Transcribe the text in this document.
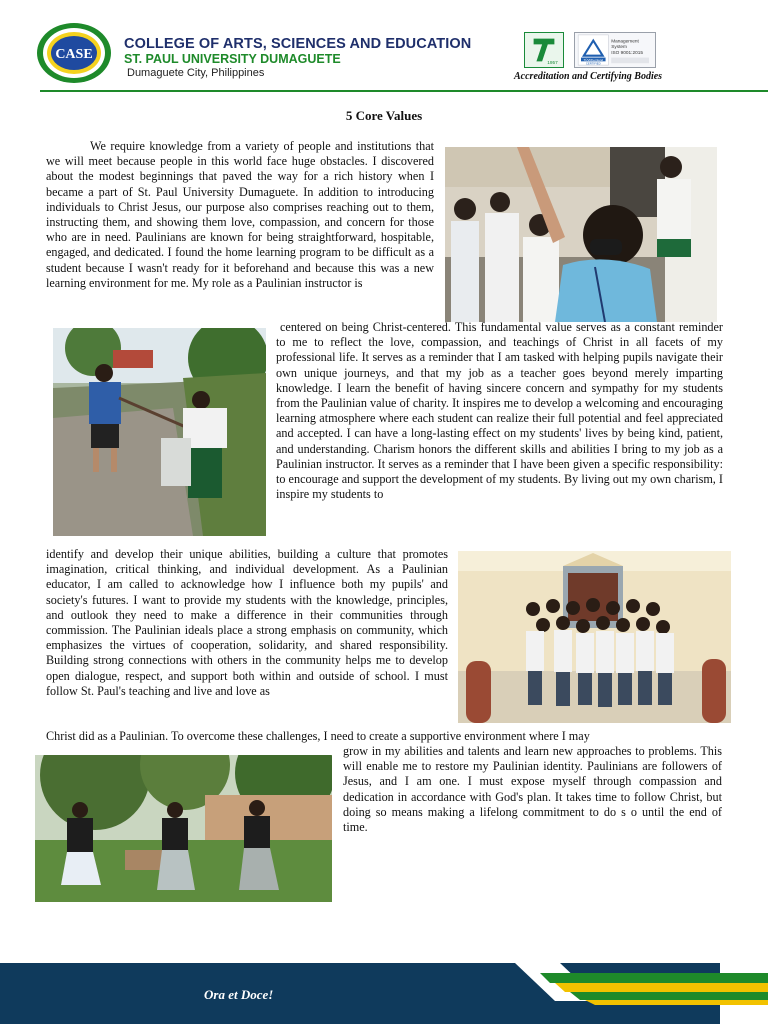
CASE

COLLEGE OF ARTS, SCIENCES AND EDUCATION

ST. PAUL UNIVERSITY DUMAGUETE

Dumaguete City, Philippines

1957
TÜVRheinland
CERTIFIED
Management
System
ISO 9001:2015

Accreditation and Certifying Bodies

5 Core Values

We require knowledge from a variety of people and institutions that we will meet because people in this world face huge obstacles. I discovered about the modest beginnings that paved the way for a rich history when I became a part of St. Paul University Dumaguete. In addition to introducing individuals to Christ Jesus, our purpose also comprises reaching out to them, instructing them, and showing them love, compassion, and concern for those who are in need. Paulinians are known for being straightforward, hospitable, engaged, and dedicated. I found the home learning program to be difficult as a student because I wasn't ready for it beforehand and because this was a new learning environment for me. My role as a Paulinian instructor is

centered on being Christ-centered. This fundamental value serves as a constant reminder to me to reflect the love, compassion, and teachings of Christ in all facets of my professional life. It serves as a reminder that I am tasked with helping pupils navigate their own unique journeys, and that my job as a teacher goes beyond merely imparting knowledge. I learn the benefit of having sincere concern and sympathy for my students from the Paulinian value of charity. It inspires me to develop a welcoming and encouraging learning atmosphere where each student can realize their full potential and feel appreciated and accepted. I can have a long-lasting effect on my students' lives by being kind, patient, and understanding. Charism honors the different skills and abilities I bring to my job as a Paulinian instructor. It serves as a reminder that I have been given a specific responsibility: to encourage and support the development of my students. By living out my own charism, I inspire my students to

identify and develop their unique abilities, building a culture that promotes imagination, critical thinking, and individual development. As a Paulinian educator, I am called to acknowledge how I influence both my pupils' and society's futures. I want to provide my students with the knowledge, principles, and outlook they need to make a difference in their communities through commission. The Paulinian ideals place a strong emphasis on community, which emphasizes the virtues of cooperation, solidarity, and shared responsibility. Building strong connections with others in the community helps me to develop open dialogue, respect, and support both within and outside of school. I must follow St. Paul's teaching and live and love as

Christ did as a Paulinian. To overcome these challenges, I need to create a supportive environment where I may

grow in my abilities and talents and learn new approaches to problems. This will enable me to restore my Paulinian identity. Paulinians are followers of Jesus, and I am one. I must expose myself through compassion and dedication in accordance with God's plan. It takes time to follow Christ, but doing so means making a lifelong commitment to do s o until the end of time.

Ora et Doce!
